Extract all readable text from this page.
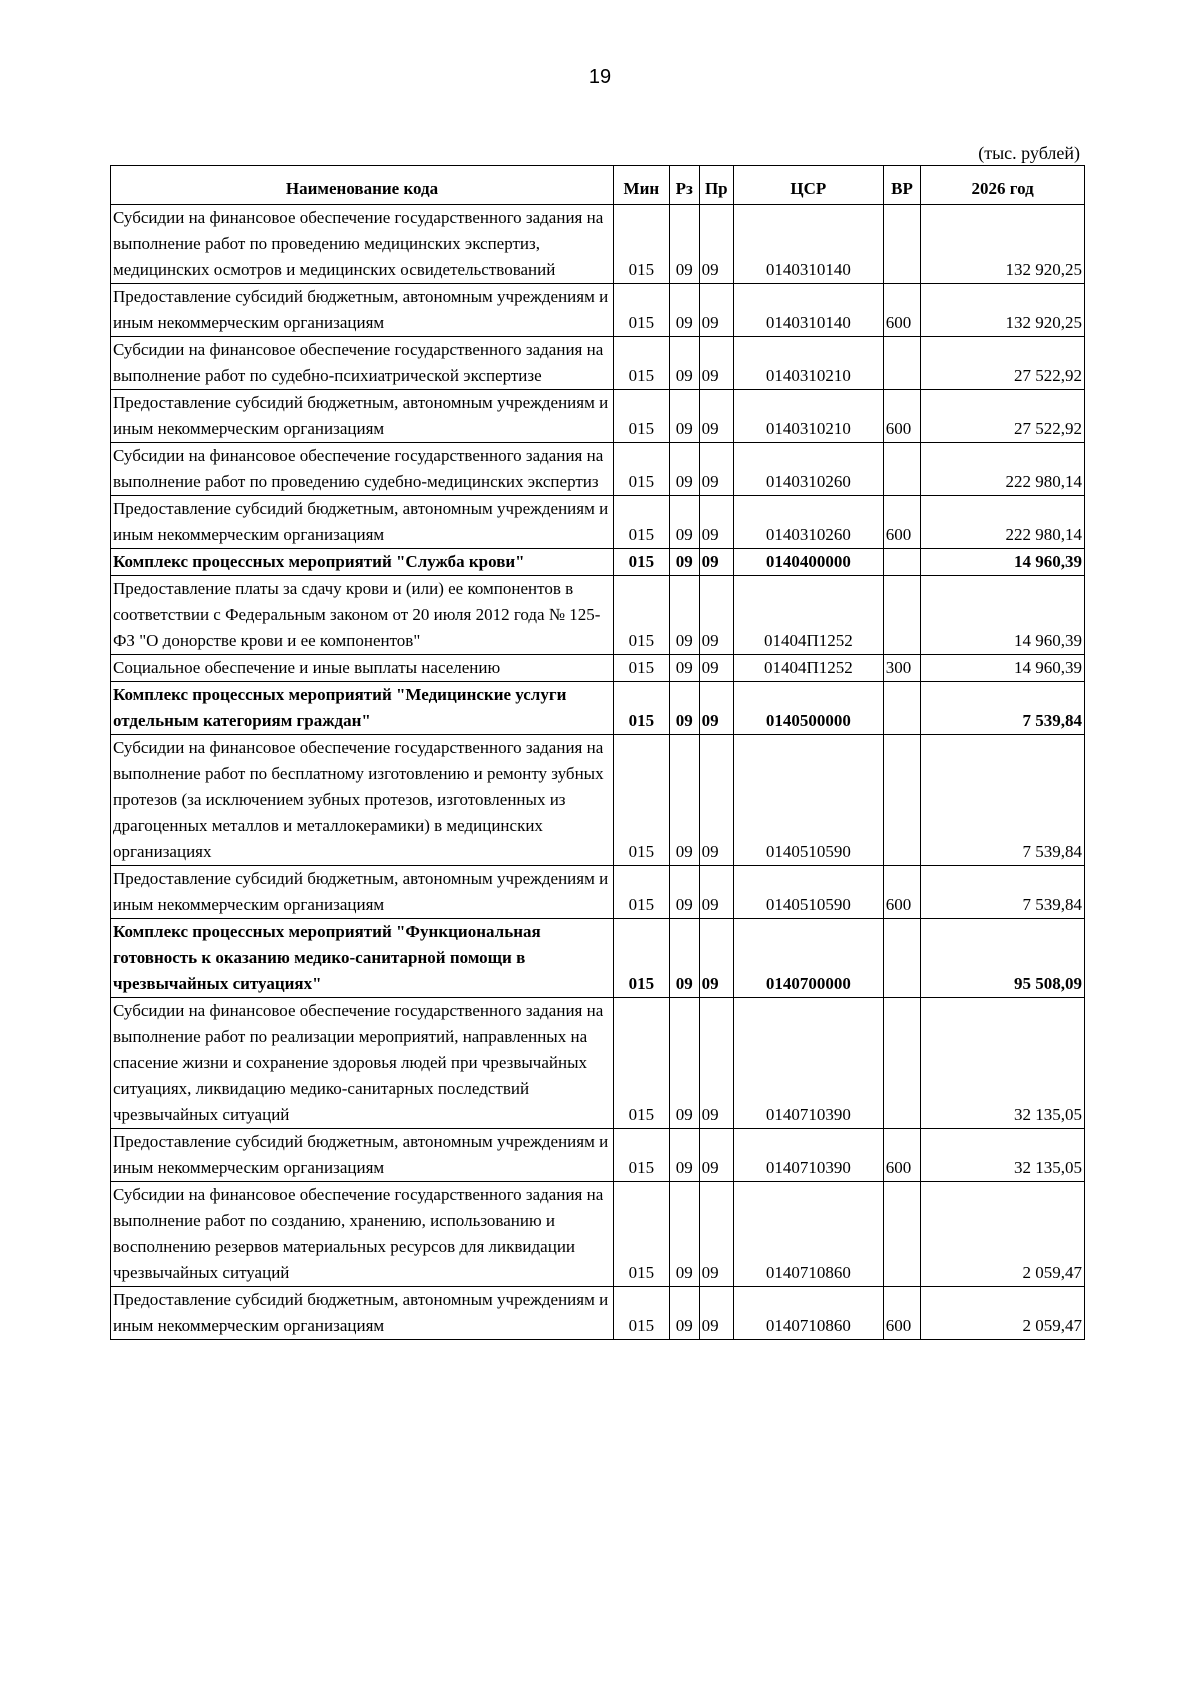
19
(тыс. рублей)
Наименование кода	Мин	Рз	Пр	ЦСР	ВР	2026 год
Субсидии на финансовое обеспечение государственного задания на выполнение работ по проведению медицинских экспертиз, медицинских осмотров и медицинских освидетельствований	015	09	09	0140310140		132 920,25
Предоставление субсидий бюджетным, автономным учреждениям и иным некоммерческим организациям	015	09	09	0140310140	600	132 920,25
Субсидии на финансовое обеспечение государственного задания на выполнение работ по судебно-психиатрической экспертизе	015	09	09	0140310210		27 522,92
Предоставление субсидий бюджетным, автономным учреждениям и иным некоммерческим организациям	015	09	09	0140310210	600	27 522,92
Субсидии на финансовое обеспечение государственного задания на выполнение работ по проведению судебно-медицинских экспертиз	015	09	09	0140310260		222 980,14
Предоставление субсидий бюджетным, автономным учреждениям и иным некоммерческим организациям	015	09	09	0140310260	600	222 980,14
Комплекс процессных мероприятий "Служба крови"	015	09	09	0140400000		14 960,39
Предоставление платы за сдачу крови и (или) ее компонентов в соответствии с Федеральным законом от 20 июля 2012 года № 125-ФЗ "О донорстве крови и ее компонентов"	015	09	09	01404П1252		14 960,39
Социальное обеспечение и иные выплаты населению	015	09	09	01404П1252	300	14 960,39
Комплекс процессных мероприятий "Медицинские услуги отдельным категориям граждан"	015	09	09	0140500000		7 539,84
Субсидии на финансовое обеспечение государственного задания на выполнение работ по бесплатному изготовлению и ремонту зубных протезов (за исключением зубных протезов, изготовленных из драгоценных металлов и металлокерамики) в медицинских организациях	015	09	09	0140510590		7 539,84
Предоставление субсидий бюджетным, автономным учреждениям и иным некоммерческим организациям	015	09	09	0140510590	600	7 539,84
Комплекс процессных мероприятий "Функциональная готовность к оказанию медико-санитарной помощи в чрезвычайных ситуациях"	015	09	09	0140700000		95 508,09
Субсидии на финансовое обеспечение государственного задания на выполнение работ по реализации мероприятий, направленных на спасение жизни и сохранение здоровья людей при чрезвычайных ситуациях, ликвидацию медико-санитарных последствий чрезвычайных ситуаций	015	09	09	0140710390		32 135,05
Предоставление субсидий бюджетным, автономным учреждениям и иным некоммерческим организациям	015	09	09	0140710390	600	32 135,05
Субсидии на финансовое обеспечение государственного задания на выполнение работ по созданию, хранению, использованию и восполнению резервов материальных ресурсов для ликвидации чрезвычайных ситуаций	015	09	09	0140710860		2 059,47
Предоставление субсидий бюджетным, автономным учреждениям и иным некоммерческим организациям	015	09	09	0140710860	600	2 059,47
